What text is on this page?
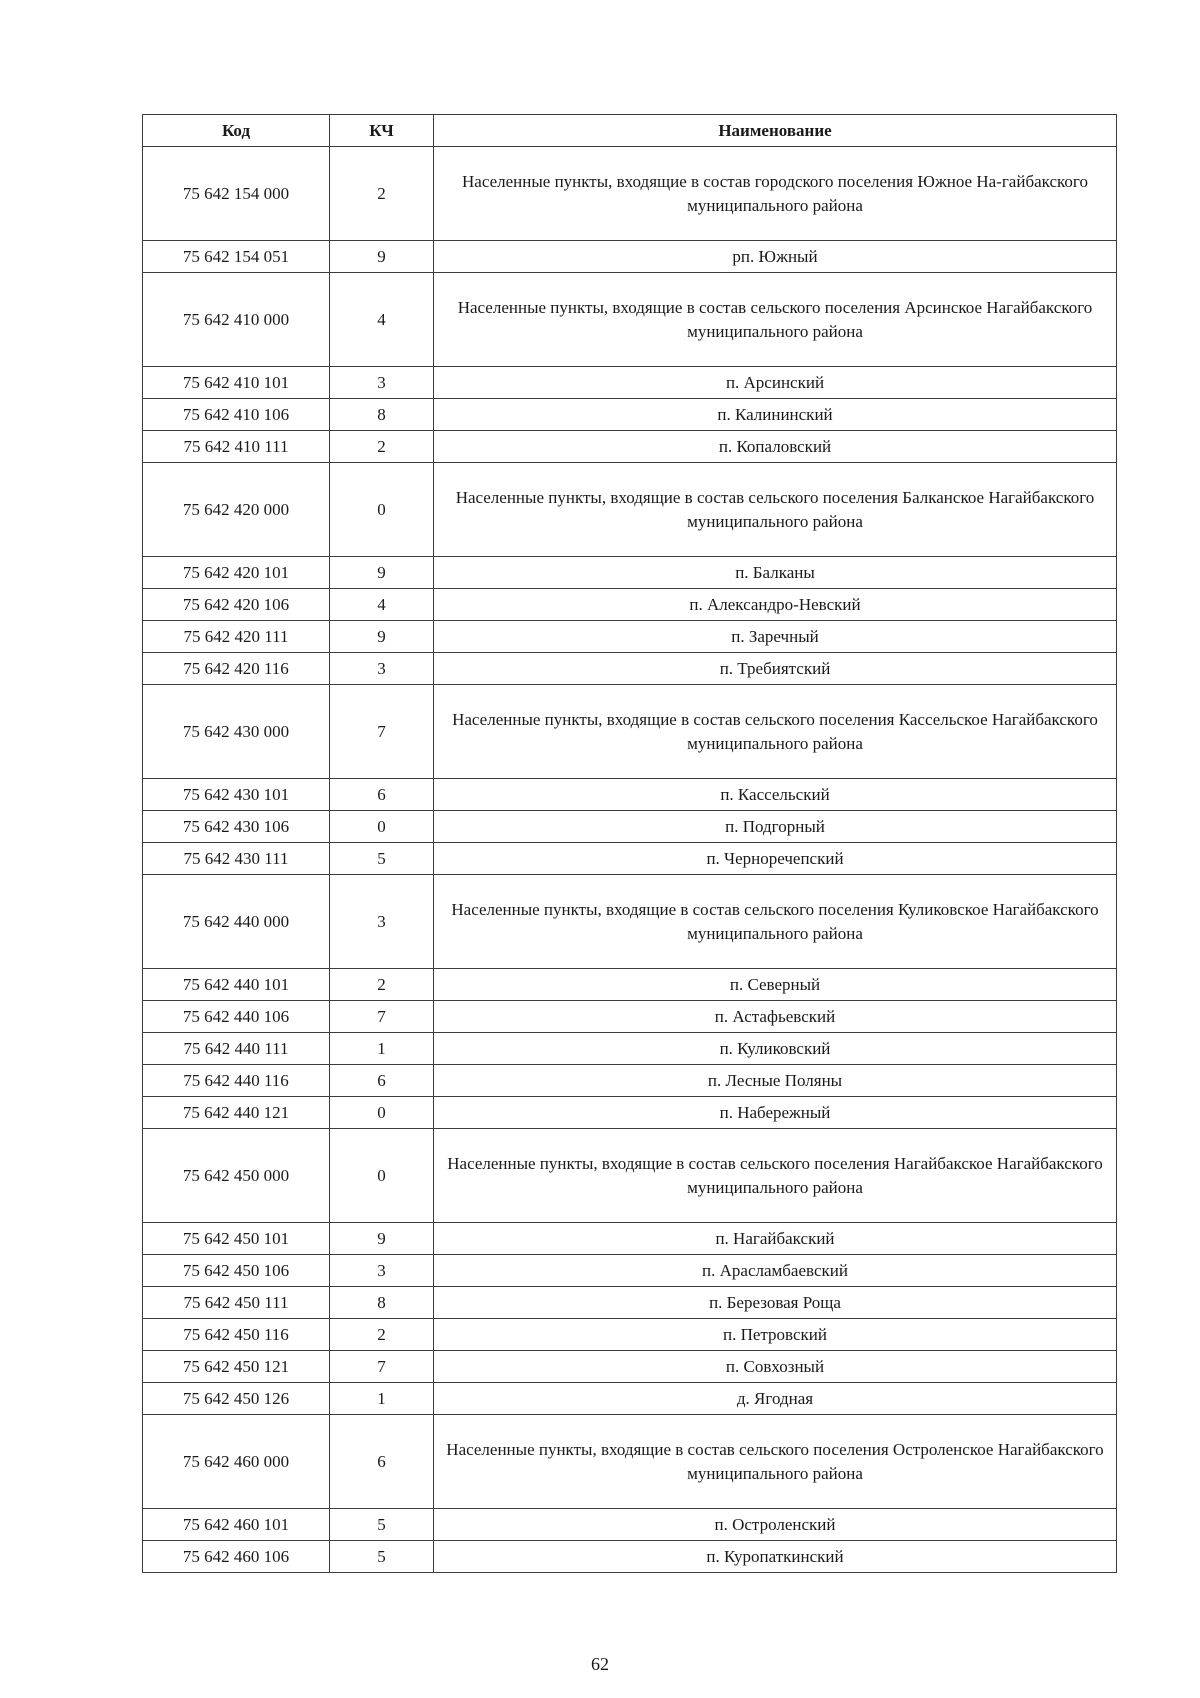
Код	КЧ	Наименование
75 642 154 000	2	Населенные пункты, входящие в состав городского поселения Южное На-гайбакского муниципального района
75 642 154 051	9	рп. Южный
75 642 410 000	4	Населенные пункты, входящие в состав сельского поселения Арсинское Нагайбакского муниципального района
75 642 410 101	3	п. Арсинский
75 642 410 106	8	п. Калининский
75 642 410 111	2	п. Копаловский
75 642 420 000	0	Населенные пункты, входящие в состав сельского поселения Балканское Нагайбакского муниципального района
75 642 420 101	9	п. Балканы
75 642 420 106	4	п. Александро-Невский
75 642 420 111	9	п. Заречный
75 642 420 116	3	п. Требиятский
75 642 430 000	7	Населенные пункты, входящие в состав сельского поселения Кассельское Нагайбакского муниципального района
75 642 430 101	6	п. Кассельский
75 642 430 106	0	п. Подгорный
75 642 430 111	5	п. Черноречепский
75 642 440 000	3	Населенные пункты, входящие в состав сельского поселения Куликовское Нагайбакского муниципального района
75 642 440 101	2	п. Северный
75 642 440 106	7	п. Астафьевский
75 642 440 111	1	п. Куликовский
75 642 440 116	6	п. Лесные Поляны
75 642 440 121	0	п. Набережный
75 642 450 000	0	Населенные пункты, входящие в состав сельского поселения Нагайбакское Нагайбакского муниципального района
75 642 450 101	9	п. Нагайбакский
75 642 450 106	3	п. Арасламбаевский
75 642 450 111	8	п. Березовая Роща
75 642 450 116	2	п. Петровский
75 642 450 121	7	п. Совхозный
75 642 450 126	1	д. Ягодная
75 642 460 000	6	Населенные пункты, входящие в состав сельского поселения Остроленское Нагайбакского муниципального района
75 642 460 101	5	п. Остроленский
75 642 460 106	5	п. Куропаткинский
62
